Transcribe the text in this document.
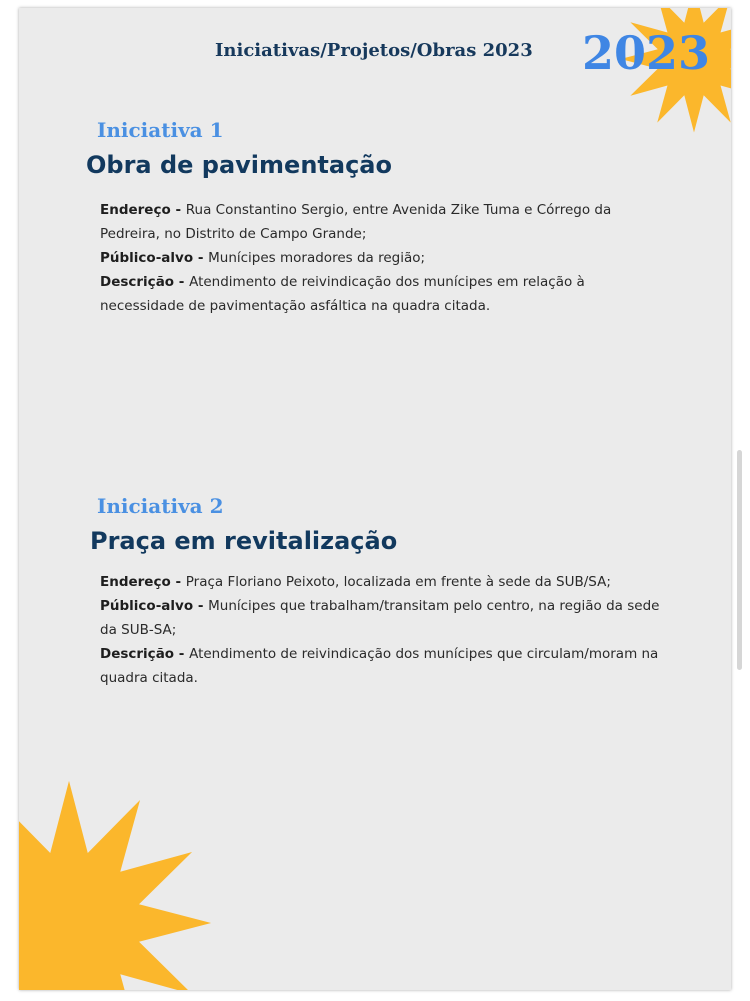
Iniciativas/Projetos/Obras 2023 2023
Iniciativa 1
Obra de pavimentação

Endereço - Rua Constantino Sergio, entre Avenida Zike Tuma e Córrego da Pedreira, no Distrito de Campo Grande;

Público-alvo - Munícipes moradores da região;

Descrição - Atendimento de reivindicação dos munícipes em relação à necessidade de pavimentação asfáltica na quadra citada.

Iniciativa 2
Praça em revitalização

Endereço - Praça Floriano Peixoto, localizada em frente à sede da SUB/SA;

Público-alvo - Munícipes que trabalham/transitam pelo centro, na região da sede da SUB-SA;

Descrição - Atendimento de reivindicação dos munícipes que circulam/moram na quadra citada.
